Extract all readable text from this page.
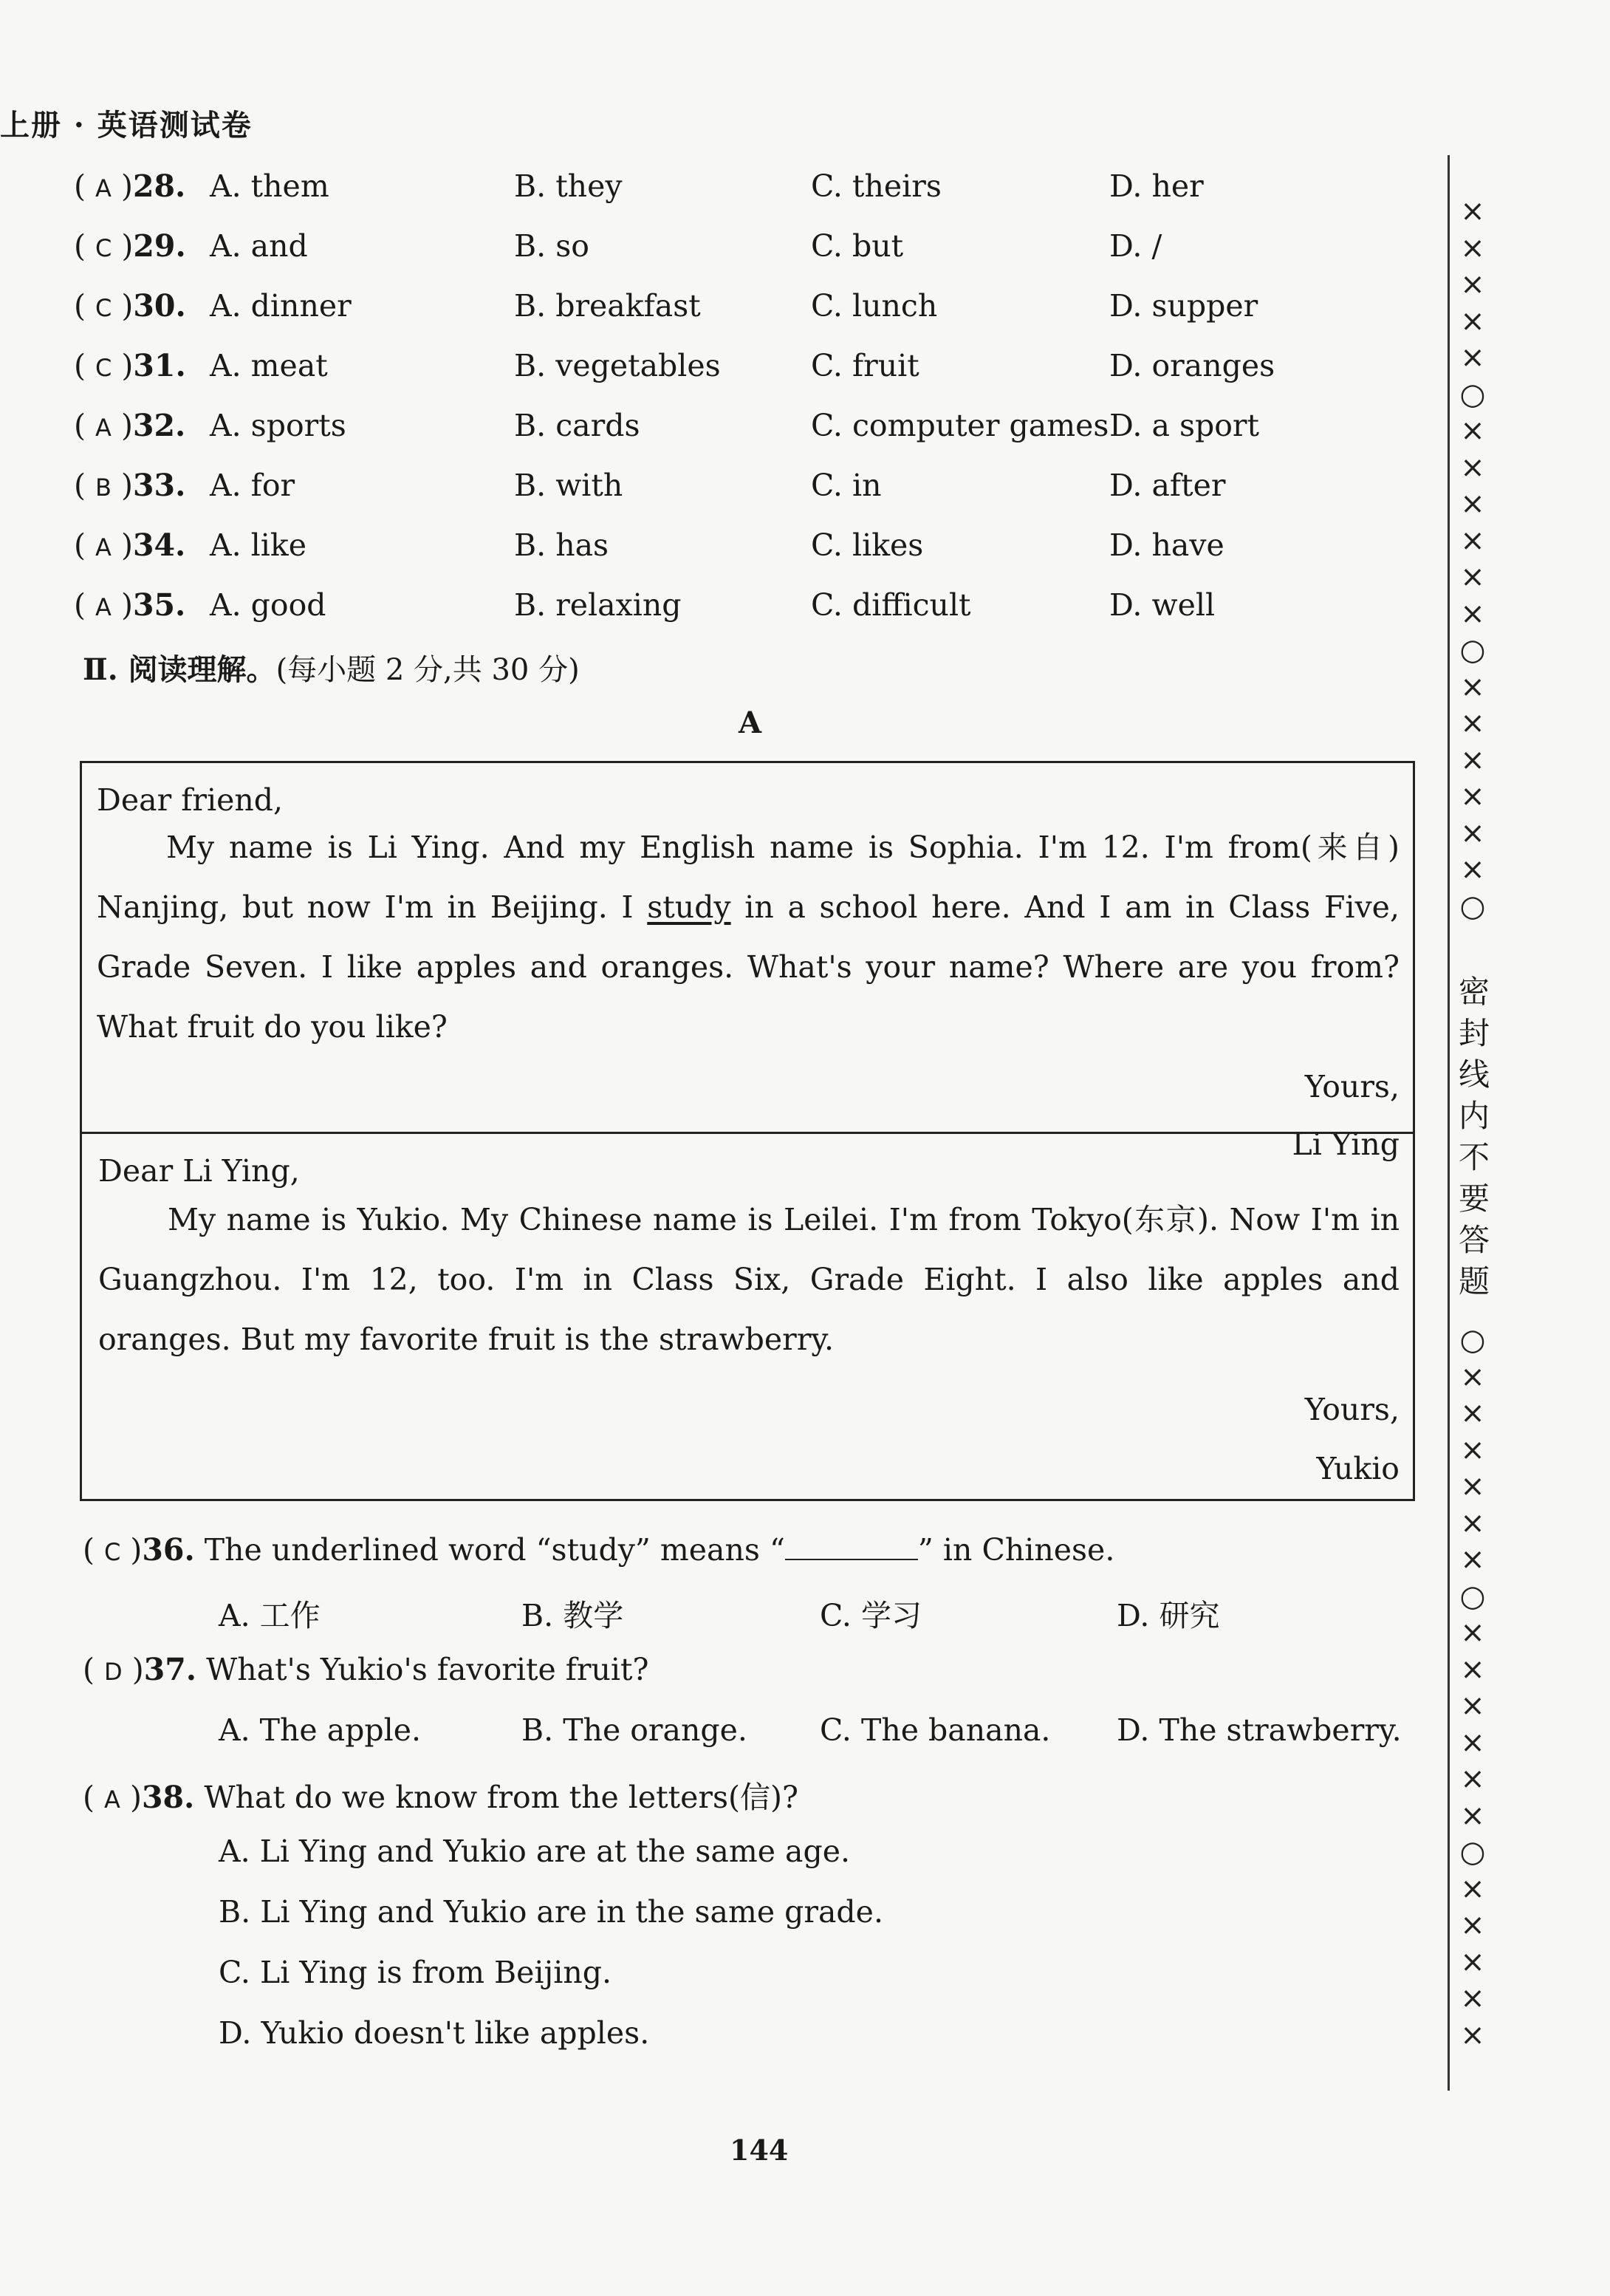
上册 · 英语测试卷
( A )28. A. them	B. they	C. theirs	D. her
( C )29. A. and	B. so	C. but	D. /
( C )30. A. dinner	B. breakfast	C. lunch	D. supper
( C )31. A. meat	B. vegetables	C. fruit	D. oranges
( A )32. A. sports	B. cards	C. computer games D. a sport
( B )33. A. for	B. with	C. in	D. after
( A )34. A. like	B. has	C. likes	D. have
( A )35. A. good	B. relaxing	C. difficult	D. well
Ⅱ. 阅读理解。(每小题 2 分,共 30 分)
A

Dear friend,

My name is Li Ying. And my English name is Sophia. I'm 12. I'm from(来自) Nanjing, but now I'm in Beijing. I study in a school here. And I am in Class Five, Grade Seven. I like apples and oranges. What's your name? Where are you from? What fruit do you like?

Yours,

Li Ying

Dear Li Ying,

My name is Yukio. My Chinese name is Leilei. I'm from Tokyo(东京). Now I'm in Guangzhou. I'm 12, too. I'm in Class Six, Grade Eight. I also like apples and oranges. But my favorite fruit is the strawberry.

Yours,

Yukio

( C )36. The underlined word “study” means “	” in Chinese.
A. 工作	B. 教学	C. 学习	D. 研究
( D )37. What's Yukio's favorite fruit?
A. The apple.	B. The orange. C. The banana. D. The strawberry.
( A )38. What do we know from the letters(信)?
A. Li Ying and Yukio are at the same age.
B. Li Ying and Yukio are in the same grade.
C. Li Ying is from Beijing.
D. Yukio doesn't like apples.
×
×
×
×
×
○
×
×
×
×
×
×
○
×
×
×
×
×
×
○
密
封
线
内
不
要
答
题
○
×
×
×
×
×
×
○
×
×
×
×
×
×
○
×
×
×
×
×
144
